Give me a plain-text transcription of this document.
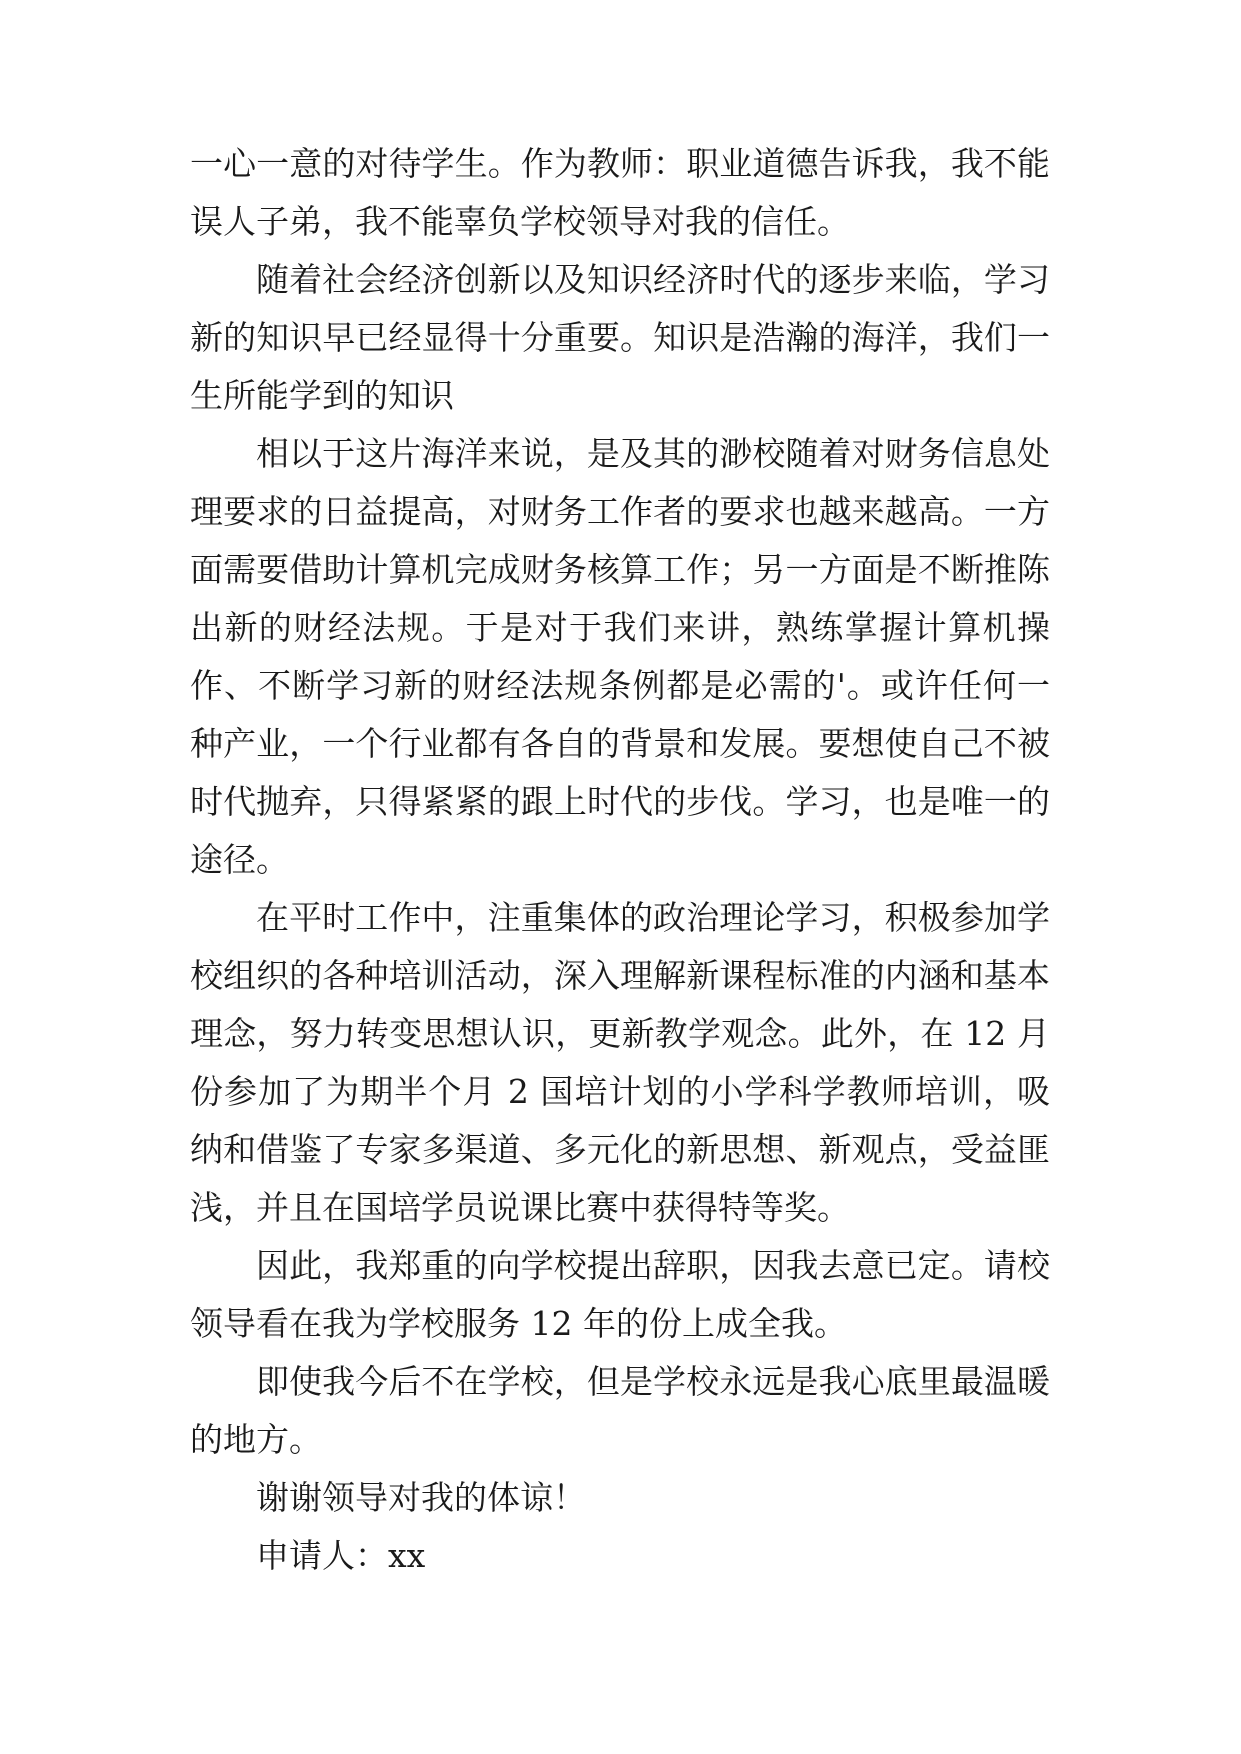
一心一意的对待学生。作为教师：职业道德告诉我，我不能误人子弟，我不能辜负学校领导对我的信任。

随着社会经济创新以及知识经济时代的逐步来临，学习新的知识早已经显得十分重要。知识是浩瀚的海洋，我们一生所能学到的知识

相以于这片海洋来说，是及其的渺校随着对财务信息处理要求的日益提高，对财务工作者的要求也越来越高。一方面需要借助计算机完成财务核算工作；另一方面是不断推陈出新的财经法规。于是对于我们来讲，熟练掌握计算机操作、不断学习新的财经法规条例都是必需的'。或许任何一种产业，一个行业都有各自的背景和发展。要想使自己不被时代抛弃，只得紧紧的跟上时代的步伐。学习，也是唯一的途径。

在平时工作中，注重集体的政治理论学习，积极参加学校组织的各种培训活动，深入理解新课程标准的内涵和基本理念，努力转变思想认识，更新教学观念。此外，在 12 月份参加了为期半个月 2 国培计划的小学科学教师培训，吸纳和借鉴了专家多渠道、多元化的新思想、新观点，受益匪浅，并且在国培学员说课比赛中获得特等奖。

因此，我郑重的向学校提出辞职，因我去意已定。请校领导看在我为学校服务 12 年的份上成全我。

即使我今后不在学校，但是学校永远是我心底里最温暖的地方。

谢谢领导对我的体谅！

申请人：xx
